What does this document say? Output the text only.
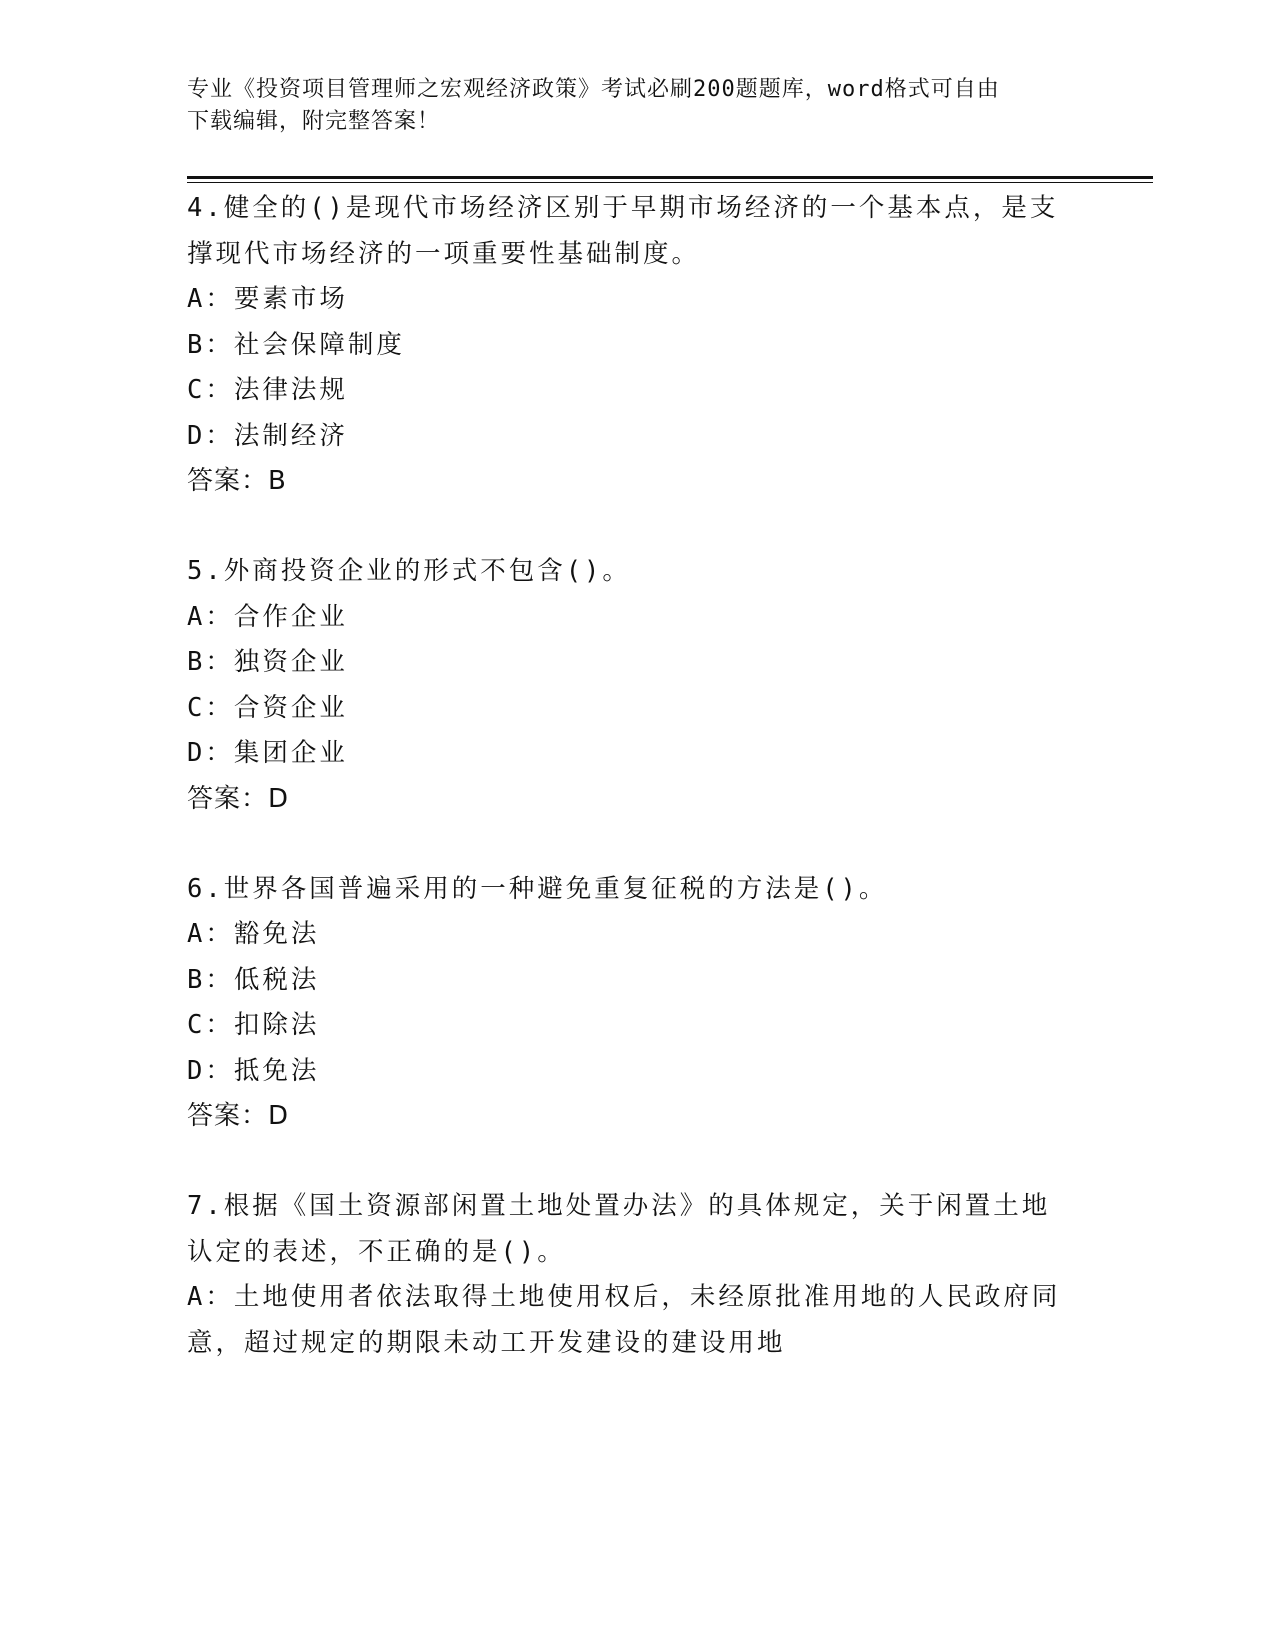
专业《投资项目管理师之宏观经济政策》考试必刷200题题库，word格式可自由
下载编辑，附完整答案！
4.健全的()是现代市场经济区别于早期市场经济的一个基本点，是支
撑现代市场经济的一项重要性基础制度。
A：要素市场
B：社会保障制度
C：法律法规
D：法制经济
答案：B
5.外商投资企业的形式不包含()。
A：合作企业
B：独资企业
C：合资企业
D：集团企业
答案：D
6.世界各国普遍采用的一种避免重复征税的方法是()。
A：豁免法
B：低税法
C：扣除法
D：抵免法
答案：D
7.根据《国土资源部闲置土地处置办法》的具体规定，关于闲置土地
认定的表述，不正确的是()。
A：土地使用者依法取得土地使用权后，未经原批准用地的人民政府同
意，超过规定的期限未动工开发建设的建设用地
